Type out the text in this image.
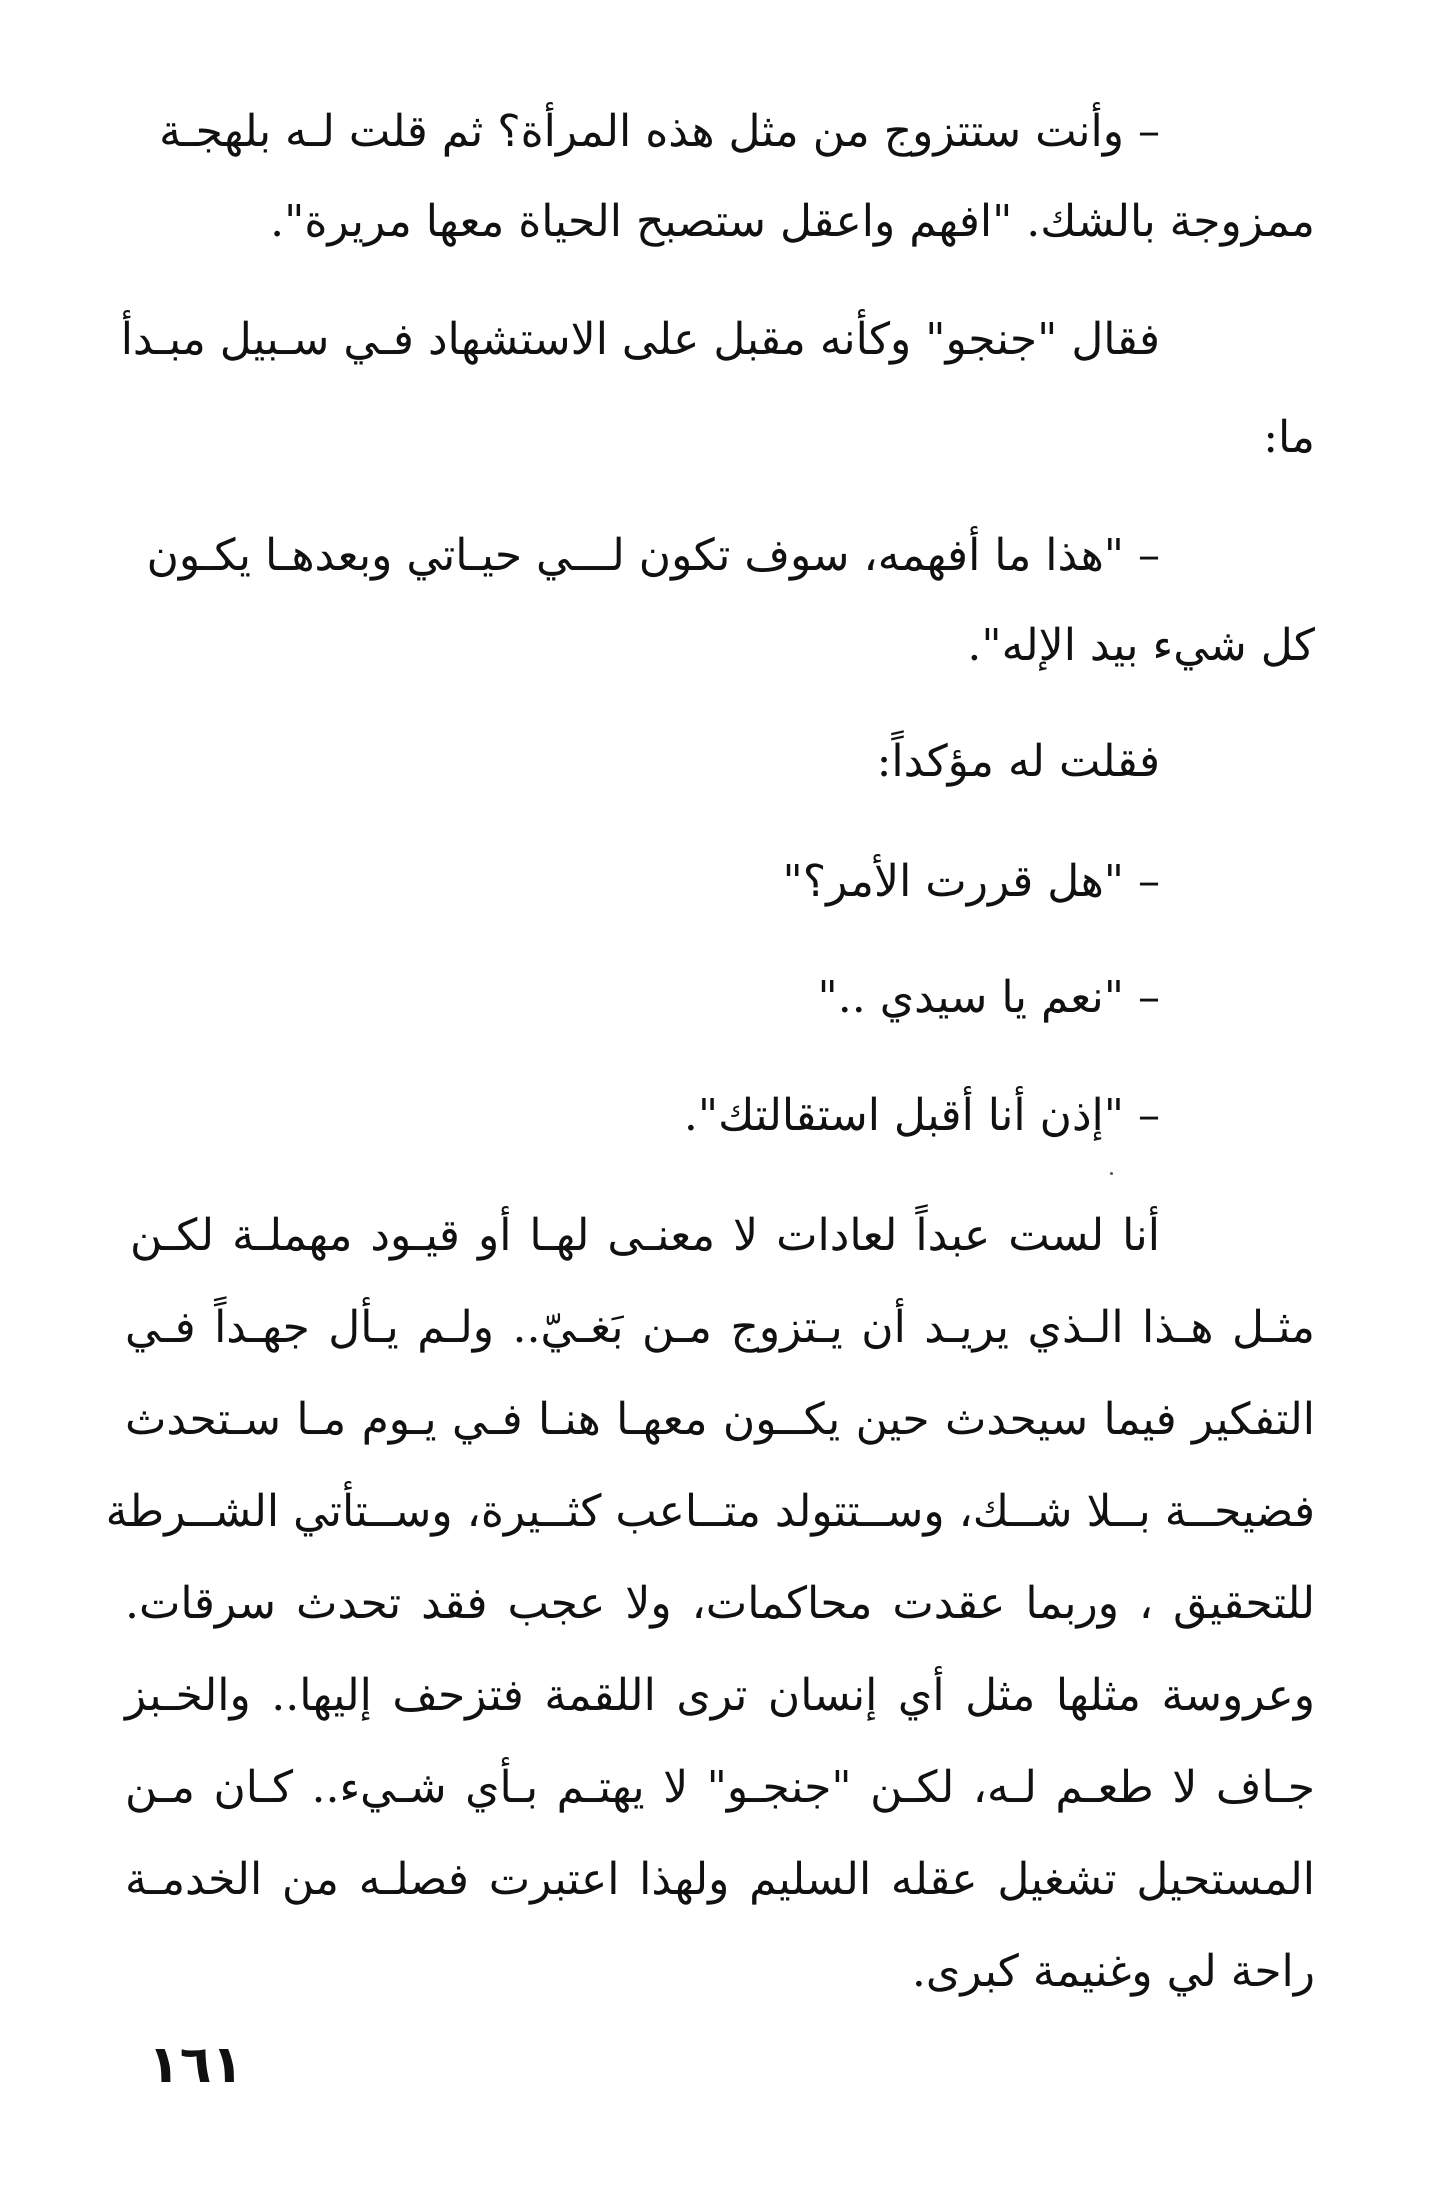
– وأنت ستتزوج من مثل هذه المرأة؟ ثم قلت لـه بلهجـة
ممزوجة بالشك. "افهم واعقل ستصبح الحياة معها مريرة".
فقال "جنجو" وكأنه مقبل على الاستشهاد فـي سـبيل مبـدأ
ما:
– "هذا ما أفهمه، سوف تكون لـــي حيـاتي وبعدهـا يكـون
كل شيء بيد الإله".
فقلت له مؤكداً:
– "هل قررت الأمر؟"
– "نعم يا سيدي .."
– "إذن أنا أقبل استقالتك".
أنا لست عبداً لعادات لا معنـى لهـا أو قيـود مهملـة لكـن
مثـل هـذا الـذي يريـد أن يـتزوج مـن بَغـيّ.. ولـم يـأل جهـداً فـي
التفكير فيما سيحدث حين يكــون معهـا هنـا فـي يـوم مـا سـتحدث
فضيحــة بــلا شــك، وســتتولد متــاعب كثــيرة، وســتأتي الشــرطة
للتحقيق ، وربما عقدت محاكمات، ولا عجب فقد تحدث سرقات.
وعروسة مثلها مثل أي إنسان ترى اللقمة فتزحف إليها.. والخـبز
جـاف لا طعـم لـه، لكـن "جنجـو" لا يهتـم بـأي شـيء.. كـان مـن
المستحيل تشغيل عقله السليم ولهذا اعتبرت فصلـه من الخدمـة
راحة لي وغنيمة كبرى.
١٦١
